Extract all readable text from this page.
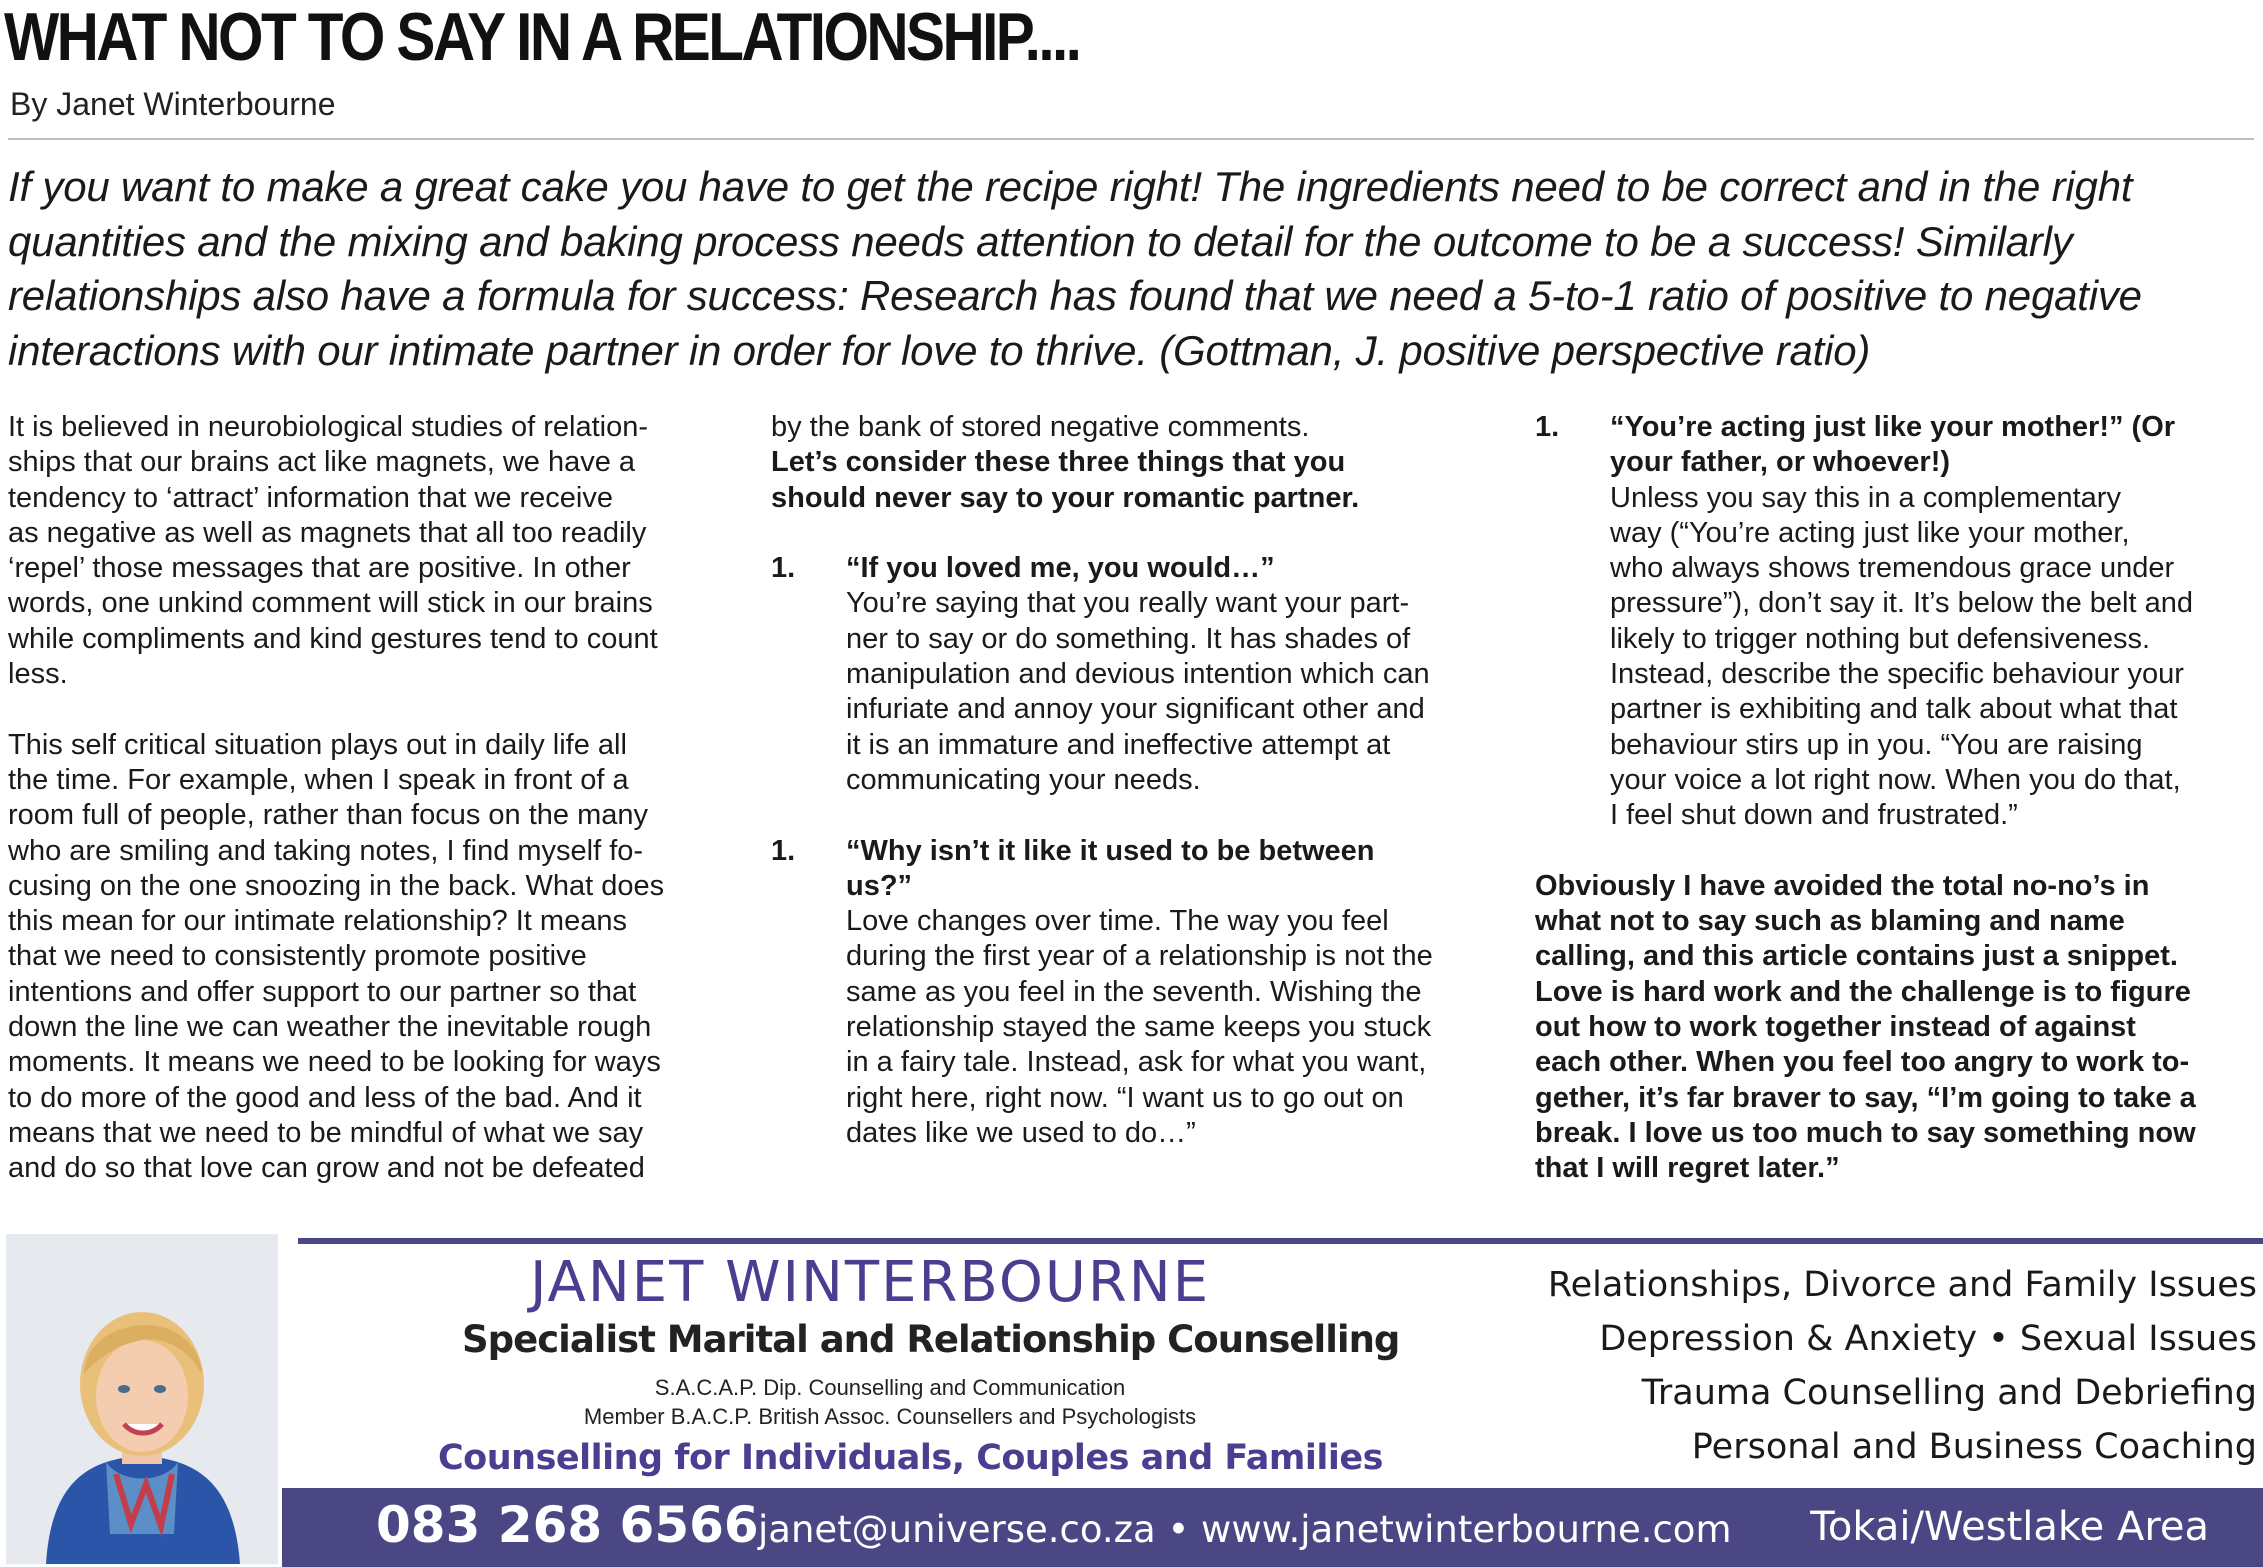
WHAT NOT TO SAY IN A RELATIONSHIP....
By Janet Winterbourne
If you want to make a great cake you have to get the recipe right! The ingredients need to be correct and in the right
quantities and the mixing and baking process needs attention to detail for the outcome to be a success! Similarly
relationships also have a formula for success: Research has found that we need a 5-to-1 ratio of positive to negative
interactions with our intimate partner in order for love to thrive. (Gottman, J. positive perspective ratio)
It is believed in neurobiological studies of relation-
ships that our brains act like magnets, we have a
tendency to ‘attract’ information that we receive
as negative as well as magnets that all too readily
‘repel’ those messages that are positive. In other
words, one unkind comment will stick in our brains
while compliments and kind gestures tend to count
less.
This self critical situation plays out in daily life all
the time. For example, when I speak in front of a
room full of people, rather than focus on the many
who are smiling and taking notes, I find myself fo-
cusing on the one snoozing in the back. What does
this mean for our intimate relationship? It means
that we need to consistently promote positive
intentions and offer support to our partner so that
down the line we can weather the inevitable rough
moments. It means we need to be looking for ways
to do more of the good and less of the bad. And it
means that we need to be mindful of what we say
and do so that love can grow and not be defeated
by the bank of stored negative comments.
Let’s consider these three things that you
should never say to your romantic partner.
1. “If you loved me, you would…”
You’re saying that you really want your part-
ner to say or do something. It has shades of
manipulation and devious intention which can
infuriate and annoy your significant other and
it is an immature and ineffective attempt at
communicating your needs.
1. “Why isn’t it like it used to be between
us?”
Love changes over time. The way you feel
during the first year of a relationship is not the
same as you feel in the seventh. Wishing the
relationship stayed the same keeps you stuck
in a fairy tale. Instead, ask for what you want,
right here, right now. “I want us to go out on
dates like we used to do…”
1. “You’re acting just like your mother!” (Or
your father, or whoever!)
Unless you say this in a complementary
way (“You’re acting just like your mother,
who always shows tremendous grace under
pressure”), don’t say it. It’s below the belt and
likely to trigger nothing but defensiveness.
Instead, describe the specific behaviour your
partner is exhibiting and talk about what that
behaviour stirs up in you. “You are raising
your voice a lot right now. When you do that,
I feel shut down and frustrated.”
Obviously I have avoided the total no-no’s in
what not to say such as blaming and name
calling, and this article contains just a snippet.
Love is hard work and the challenge is to figure
out how to work together instead of against
each other. When you feel too angry to work to-
gether, it’s far braver to say, “I’m going to take a
break. I love us too much to say something now
that I will regret later.”
JANET WINTERBOURNE
Specialist Marital and Relationship Counselling
S.A.C.A.P. Dip. Counselling and Communication
Member B.A.C.P. British Assoc. Counsellers and Psychologists
Counselling for Individuals, Couples and Families
Relationships, Divorce and Family Issues
Depression & Anxiety • Sexual Issues
Trauma Counselling and Debriefing
Personal and Business Coaching
083 268 6566 janet@universe.co.za • www.janetwinterbourne.com Tokai/Westlake Area
